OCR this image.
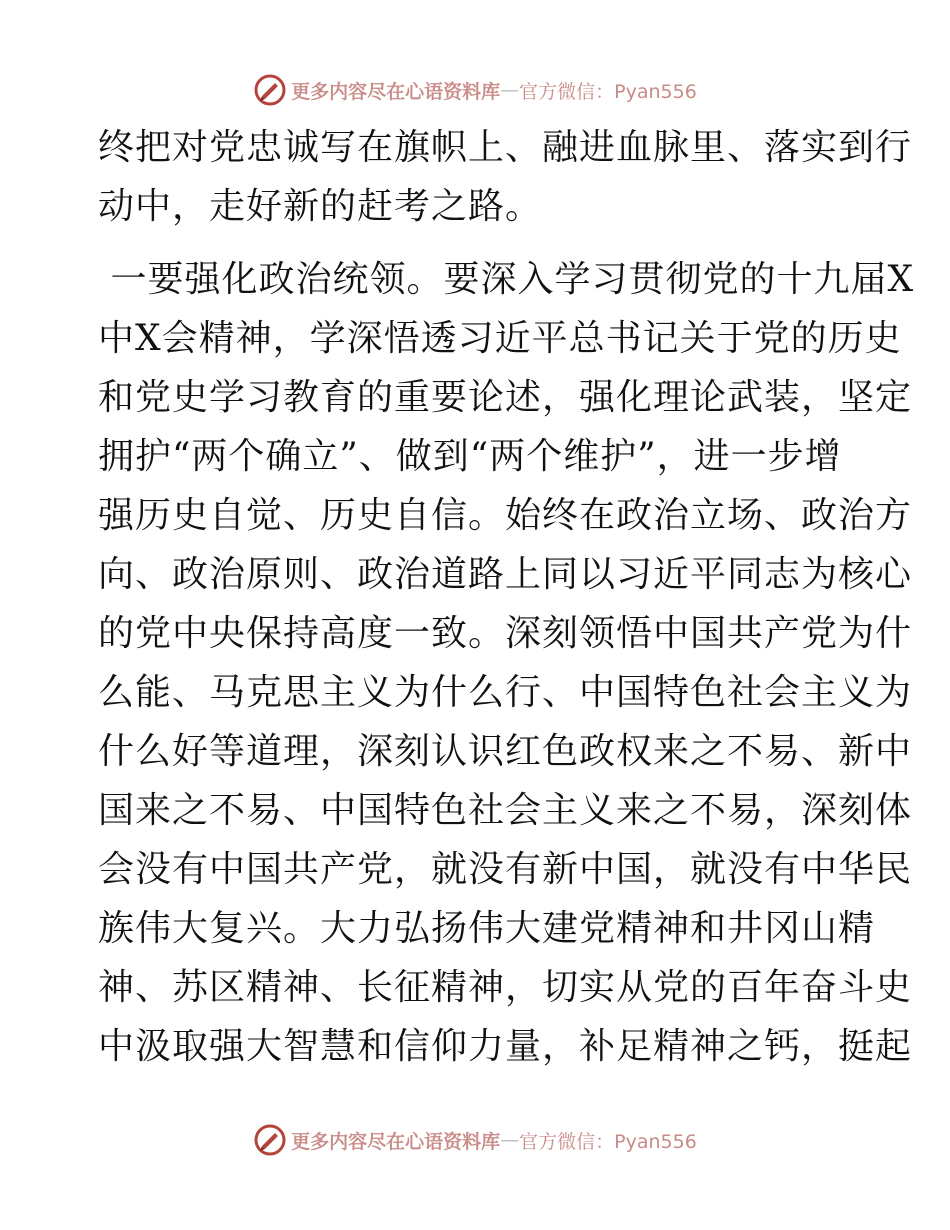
更多内容尽在心语资料库 — 官方微信：Pyan556
终把对党忠诚写在旗帜上、融进血脉里、落实到行
动中，走好新的赶考之路。
一要强化政治统领。要深入学习贯彻党的十九届X
中X会精神，学深悟透习近平总书记关于党的历史
和党史学习教育的重要论述，强化理论武装，坚定
拥护“两个确立”、做到“两个维护”，进一步增
强历史自觉、历史自信。始终在政治立场、政治方
向、政治原则、政治道路上同以习近平同志为核心
的党中央保持高度一致。深刻领悟中国共产党为什
么能、马克思主义为什么行、中国特色社会主义为
什么好等道理，深刻认识红色政权来之不易、新中
国来之不易、中国特色社会主义来之不易，深刻体
会没有中国共产党，就没有新中国，就没有中华民
族伟大复兴。大力弘扬伟大建党精神和井冈山精
神、苏区精神、长征精神，切实从党的百年奋斗史
中汲取强大智慧和信仰力量，补足精神之钙，挺起
更多内容尽在心语资料库 — 官方微信：Pyan556
